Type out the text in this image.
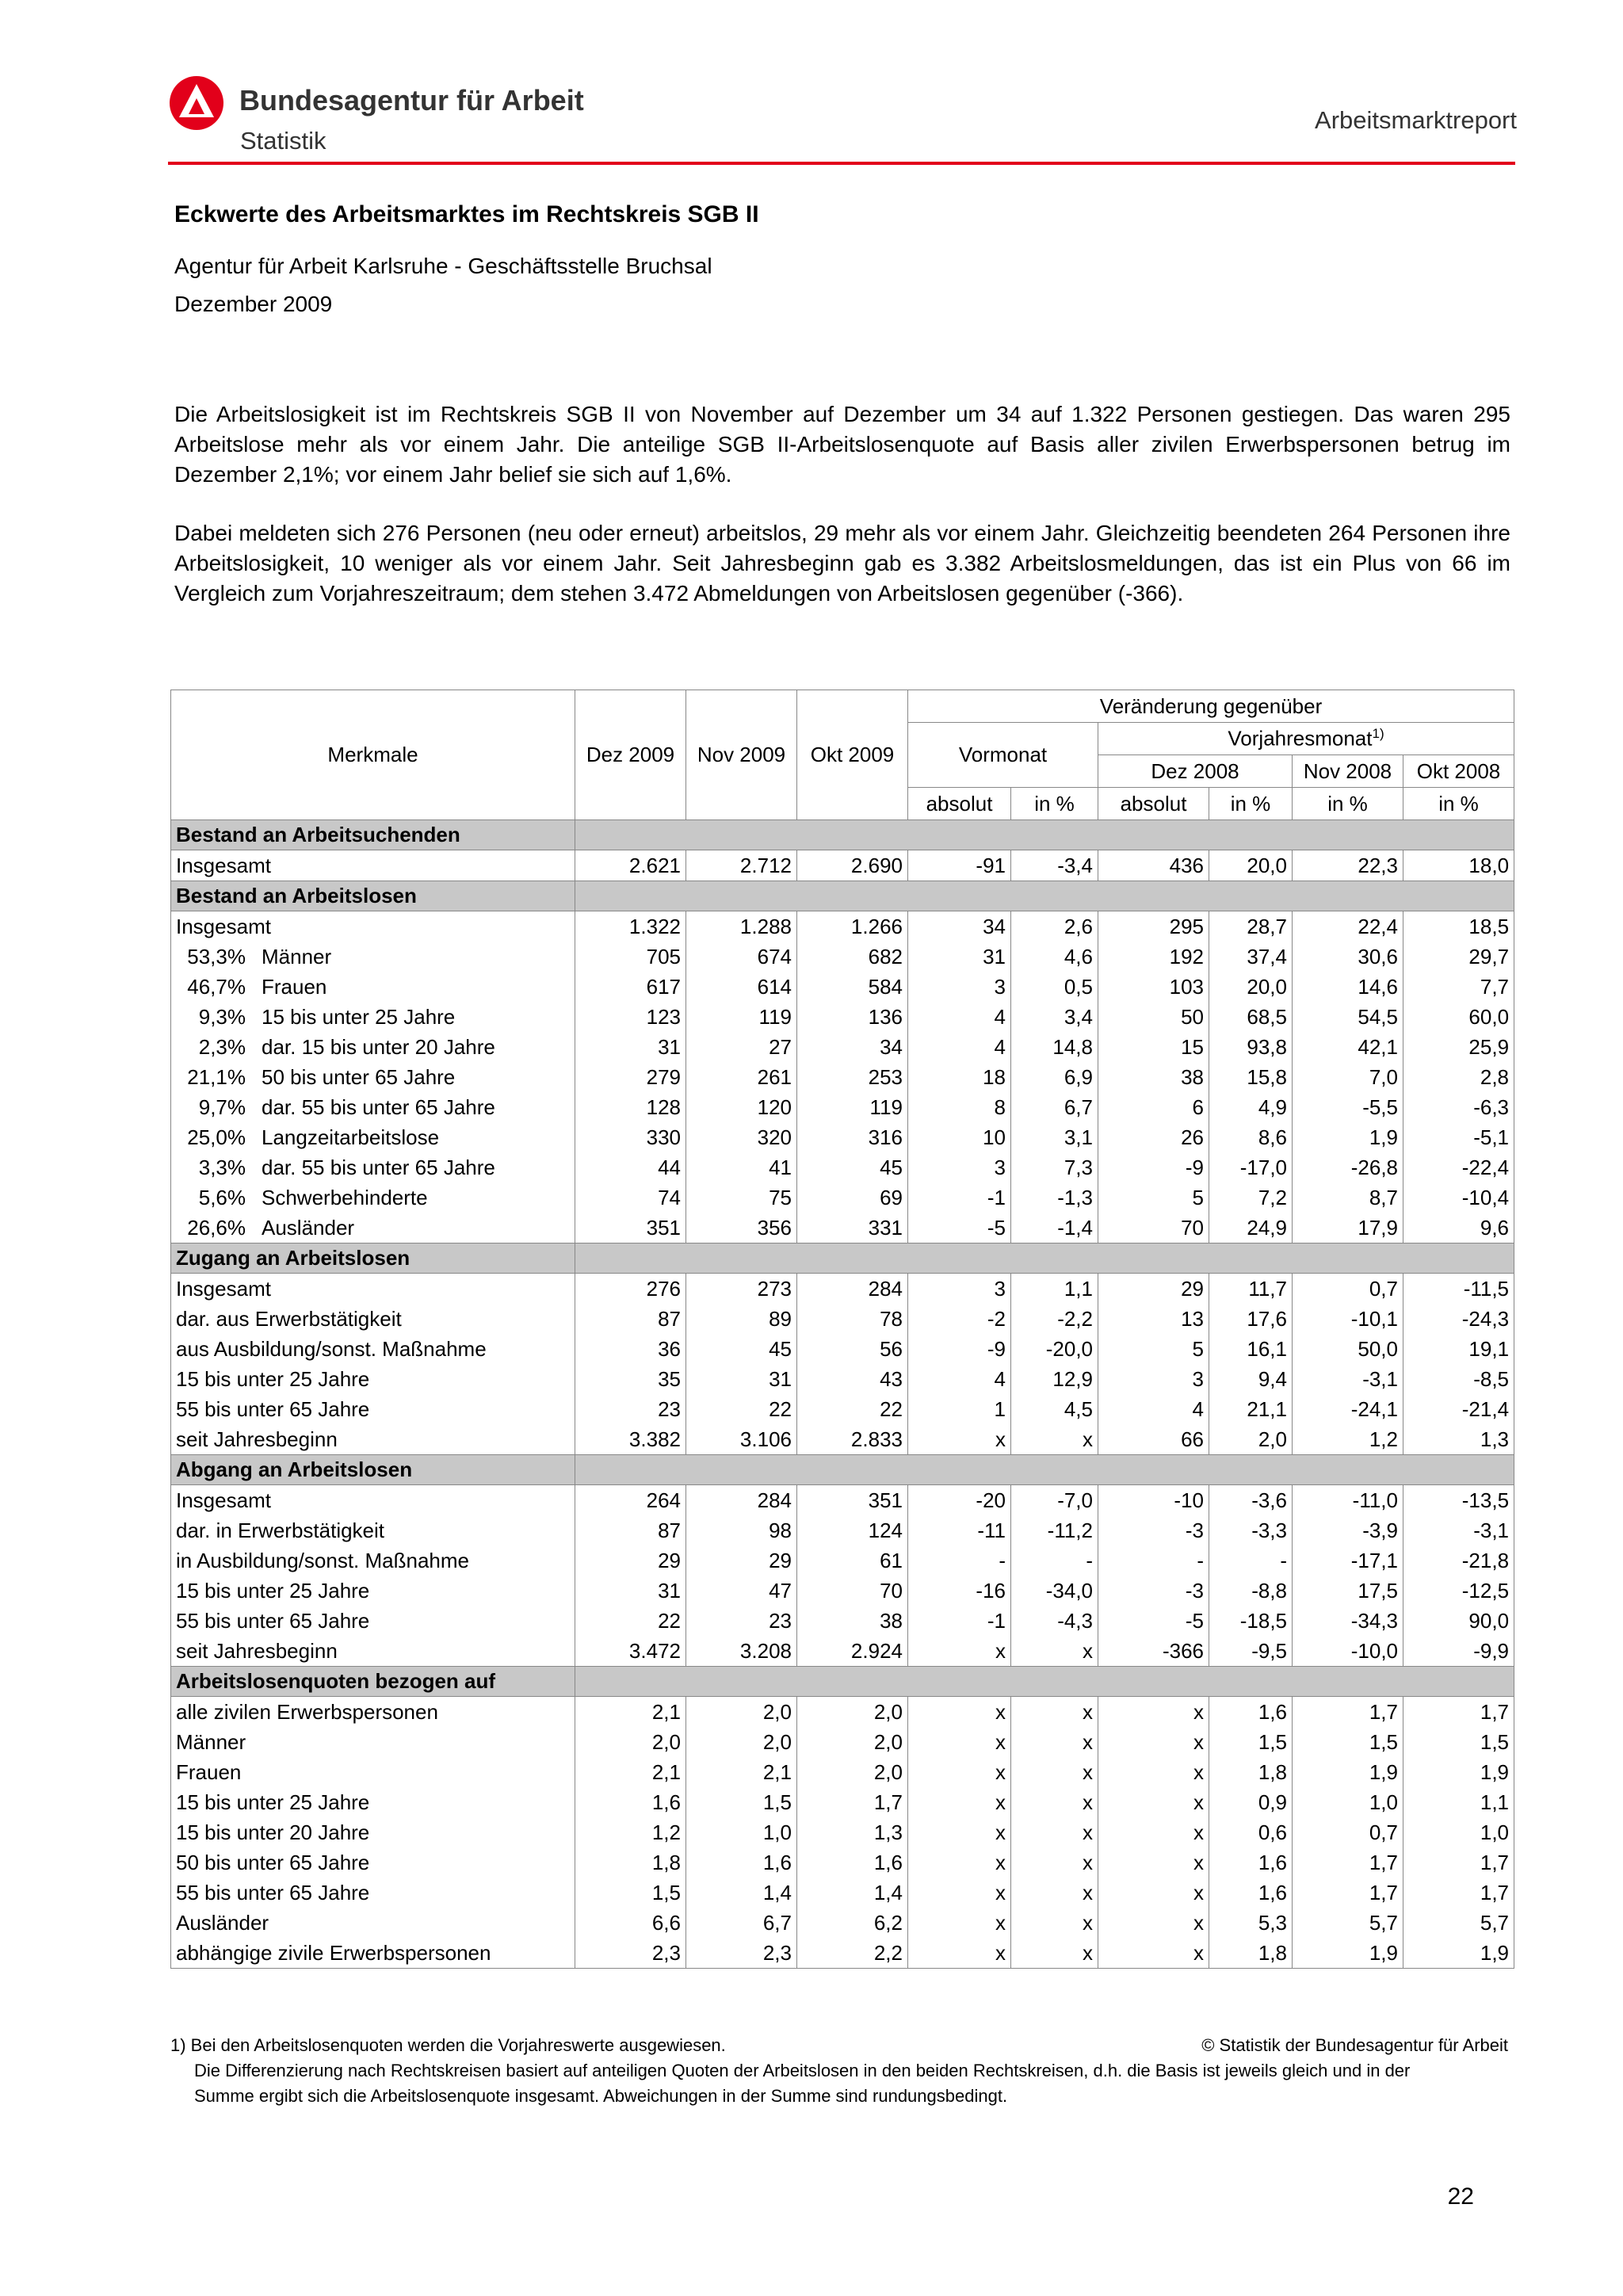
Bundesagentur für Arbeit
Statistik
Arbeitsmarktreport
Eckwerte des Arbeitsmarktes im Rechtskreis SGB II
Agentur für Arbeit Karlsruhe - Geschäftsstelle Bruchsal
Dezember 2009
Die Arbeitslosigkeit ist im Rechtskreis SGB II von November auf Dezember um 34 auf 1.322 Personen gestiegen. Das waren 295 Arbeitslose mehr als vor einem Jahr. Die anteilige SGB II-Arbeitslosenquote auf Basis aller zivilen Erwerbspersonen betrug im Dezember 2,1%; vor einem Jahr belief sie sich auf 1,6%.
Dabei meldeten sich 276 Personen (neu oder erneut) arbeitslos, 29 mehr als vor einem Jahr. Gleichzeitig beendeten 264 Personen ihre Arbeitslosigkeit, 10 weniger als vor einem Jahr. Seit Jahresbeginn gab es 3.382 Arbeitslosmeldungen, das ist ein Plus von 66 im Vergleich zum Vorjahreszeitraum; dem stehen 3.472 Abmeldungen von Arbeitslosen gegenüber (-366).
Merkmale	Dez 2009	Nov 2009	Okt 2009	Veränderung gegenüber					
				Vormonat		Vorjahresmonat$^{1)}$
						Dez 2008		Nov 2008	Okt 2008
				absolut	in %	absolut	in %	in %	in %
Bestand an Arbeitsuchenden									
Insgesamt	2.621	2.712	2.690	-91	-3,4	436	20,0	22,3	18,0
Bestand an Arbeitslosen									
Insgesamt	1.322	1.288	1.266	34	2,6	295	28,7	22,4	18,5
53,3% Männer	705	674	682	31	4,6	192	37,4	30,6	29,7
46,7% Frauen	617	614	584	3	0,5	103	20,0	14,6	7,7
9,3% 15 bis unter 25 Jahre	123	119	136	4	3,4	50	68,5	54,5	60,0
2,3% dar. 15 bis unter 20 Jahre	31	27	34	4	14,8	15	93,8	42,1	25,9
21,1% 50 bis unter 65 Jahre	279	261	253	18	6,9	38	15,8	7,0	2,8
9,7% dar. 55 bis unter 65 Jahre	128	120	119	8	6,7	6	4,9	-5,5	-6,3
25,0% Langzeitarbeitslose	330	320	316	10	3,1	26	8,6	1,9	-5,1
3,3% dar. 55 bis unter 65 Jahre	44	41	45	3	7,3	-9	-17,0	-26,8	-22,4
5,6% Schwerbehinderte	74	75	69	-1	-1,3	5	7,2	8,7	-10,4
26,6% Ausländer	351	356	331	-5	-1,4	70	24,9	17,9	9,6
Zugang an Arbeitslosen									
Insgesamt	276	273	284	3	1,1	29	11,7	0,7	-11,5
dar. aus Erwerbstätigkeit	87	89	78	-2	-2,2	13	17,6	-10,1	-24,3
aus Ausbildung/sonst. Maßnahme	36	45	56	-9	-20,0	5	16,1	50,0	19,1
15 bis unter 25 Jahre	35	31	43	4	12,9	3	9,4	-3,1	-8,5
55 bis unter 65 Jahre	23	22	22	1	4,5	4	21,1	-24,1	-21,4
seit Jahresbeginn	3.382	3.106	2.833	x	x	66	2,0	1,2	1,3
Abgang an Arbeitslosen									
Insgesamt	264	284	351	-20	-7,0	-10	-3,6	-11,0	-13,5
dar. in Erwerbstätigkeit	87	98	124	-11	-11,2	-3	-3,3	-3,9	-3,1
in Ausbildung/sonst. Maßnahme	29	29	61	-	-	-	-	-17,1	-21,8
15 bis unter 25 Jahre	31	47	70	-16	-34,0	-3	-8,8	17,5	-12,5
55 bis unter 65 Jahre	22	23	38	-1	-4,3	-5	-18,5	-34,3	90,0
seit Jahresbeginn	3.472	3.208	2.924	x	x	-366	-9,5	-10,0	-9,9
Arbeitslosenquoten bezogen auf									
alle zivilen Erwerbspersonen	2,1	2,0	2,0	x	x	x	1,6	1,7	1,7
Männer	2,0	2,0	2,0	x	x	x	1,5	1,5	1,5
Frauen	2,1	2,1	2,0	x	x	x	1,8	1,9	1,9
15 bis unter 25 Jahre	1,6	1,5	1,7	x	x	x	0,9	1,0	1,1
15 bis unter 20 Jahre	1,2	1,0	1,3	x	x	x	0,6	0,7	1,0
50 bis unter 65 Jahre	1,8	1,6	1,6	x	x	x	1,6	1,7	1,7
55 bis unter 65 Jahre	1,5	1,4	1,4	x	x	x	1,6	1,7	1,7
Ausländer	6,6	6,7	6,2	x	x	x	5,3	5,7	5,7
abhängige zivile Erwerbspersonen	2,3	2,3	2,2	x	x	x	1,8	1,9	1,9
1) Bei den Arbeitslosenquoten werden die Vorjahreswerte ausgewiesen.	© Statistik der Bundesagentur für Arbeit
Die Differenzierung nach Rechtskreisen basiert auf anteiligen Quoten der Arbeitslosen in den beiden Rechtskreisen, d.h. die Basis ist jeweils gleich und in der
Summe ergibt sich die Arbeitslosenquote insgesamt. Abweichungen in der Summe sind rundungsbedingt.
22
